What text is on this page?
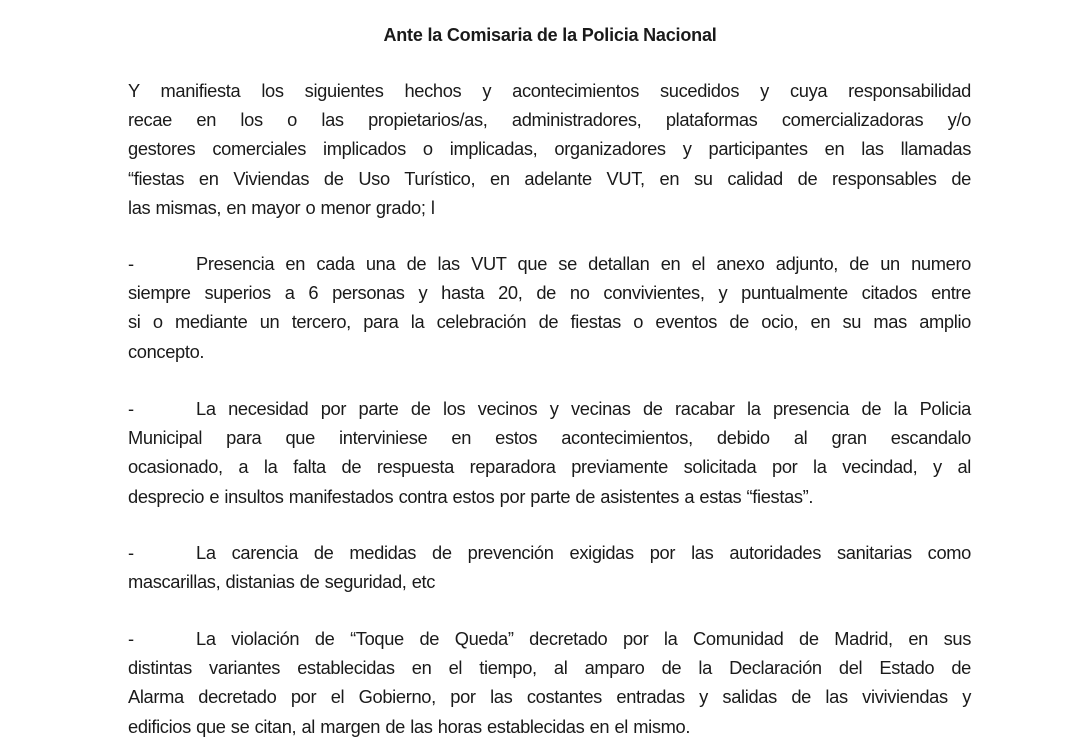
Ante la Comisaria de la Policia Nacional
Y manifiesta los siguientes hechos y acontecimientos sucedidos y cuya responsabilidad
recae en los o las propietarios/as, administradores, plataformas comercializadoras y/o
gestores comerciales implicados o implicadas, organizadores y participantes en las llamadas
“fiestas en Viviendas de Uso Turístico, en adelante VUT, en su calidad de responsables de
las mismas, en mayor o menor grado; l
-	Presencia en cada una de las VUT que se detallan en el anexo adjunto, de un numero
siempre superios a 6 personas y hasta 20, de no convivientes, y puntualmente citados entre
si o mediante un tercero, para la celebración de fiestas o eventos de ocio, en su mas amplio
concepto.
-	La necesidad por parte de los vecinos y vecinas de racabar la presencia de la Policia
Municipal para que interviniese en estos acontecimientos, debido al gran escandalo
ocasionado, a la falta de respuesta reparadora previamente solicitada por la vecindad, y al
desprecio e insultos manifestados contra estos por parte de asistentes a estas “fiestas”.
-	La carencia de medidas de prevención exigidas por las autoridades sanitarias como
mascarillas, distanias de seguridad, etc
-	La violación de “Toque de Queda” decretado por la Comunidad de Madrid, en sus
distintas variantes establecidas en el tiempo, al amparo de la Declaración del Estado de
Alarma decretado por el Gobierno, por las costantes entradas y salidas de las viviviendas y
edificios que se citan, al margen de las horas establecidas en el mismo.
